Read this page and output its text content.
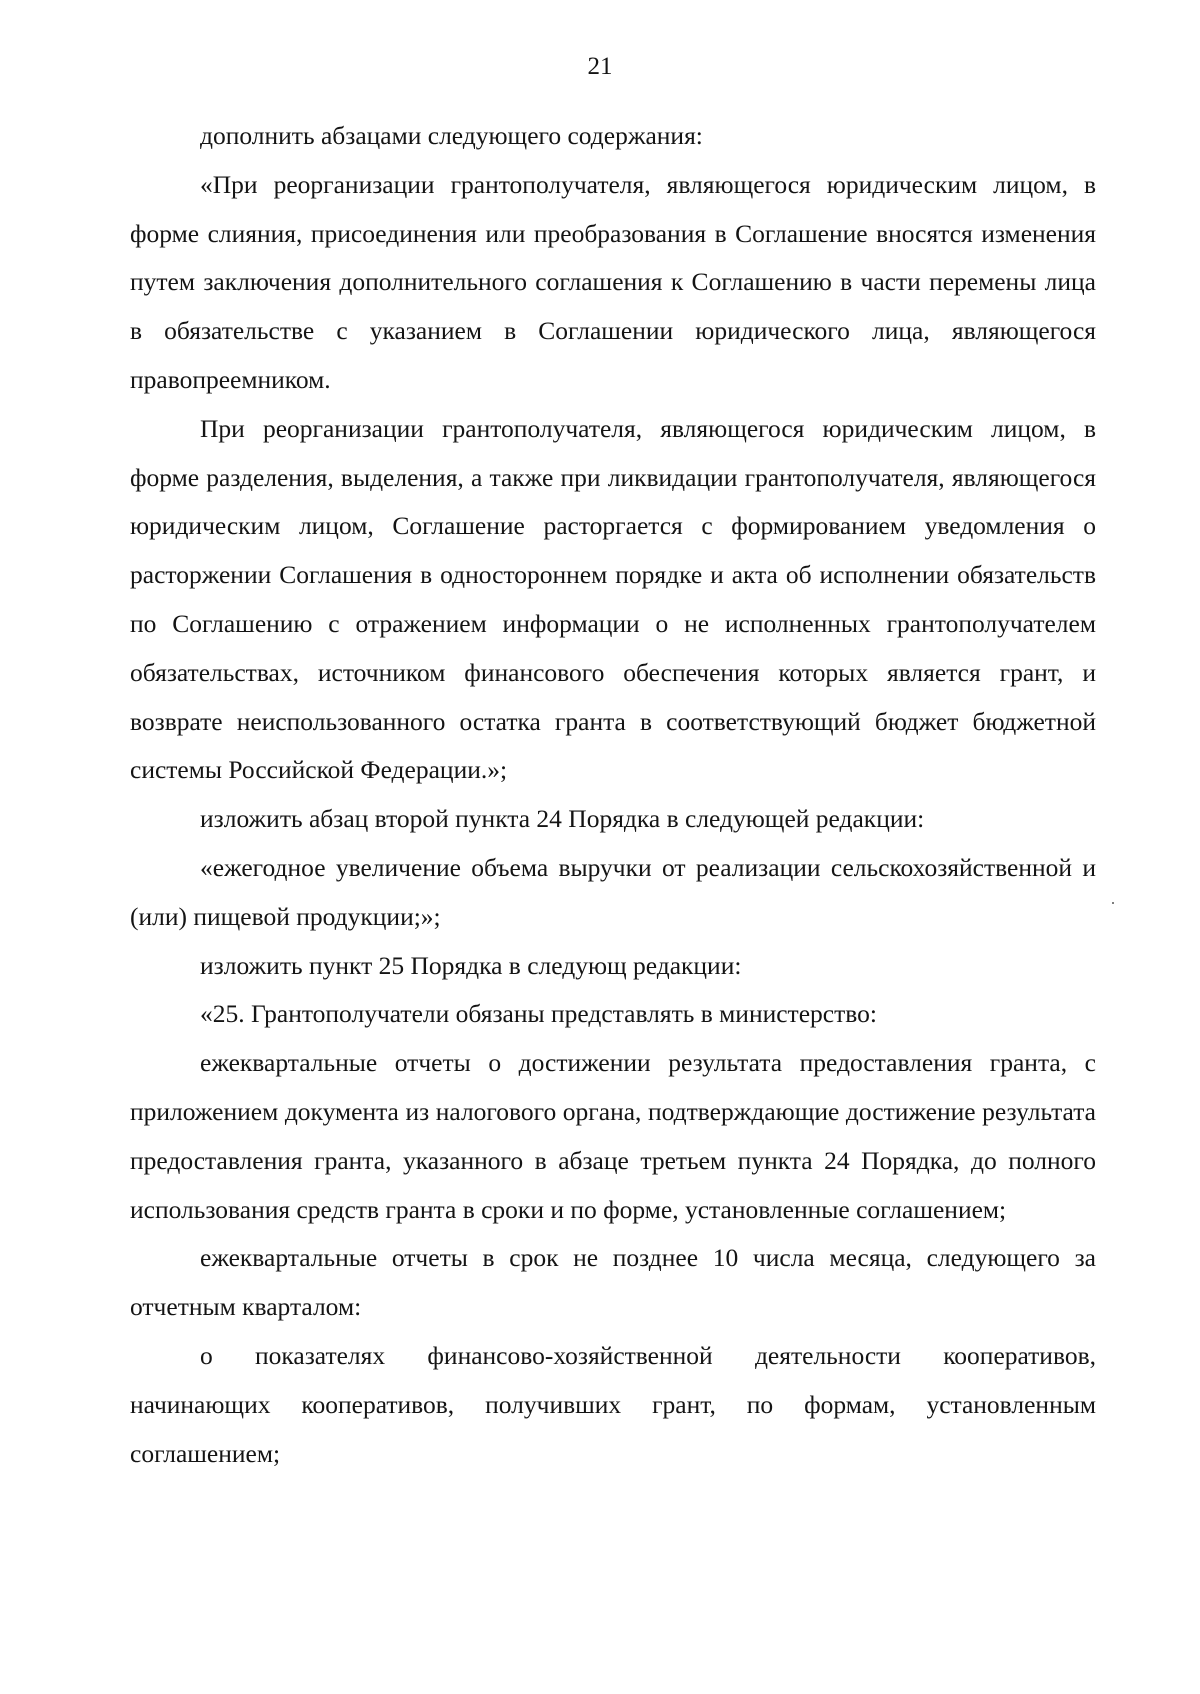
21

дополнить абзацами следующего содержания:

«При реорганизации грантополучателя, являющегося юридическим лицом, в форме слияния, присоединения или преобразования в Соглашение вносятся изменения путем заключения дополнительного соглашения к Соглашению в части перемены лица в обязательстве с указанием в Соглашении юридического лица, являющегося правопреемником.

При реорганизации грантополучателя, являющегося юридическим лицом, в форме разделения, выделения, а также при ликвидации грантополучателя, являющегося юридическим лицом, Соглашение расторгается с формированием уведомления о расторжении Соглашения в одностороннем порядке и акта об исполнении обязательств по Соглашению с отражением информации о не исполненных грантополучателем обязательствах, источником финансового обеспечения которых является грант, и возврате неиспользованного остатка гранта в соответствующий бюджет бюджетной системы Российской Федерации.»;

изложить абзац второй пункта 24 Порядка в следующей редакции:

«ежегодное увеличение объема выручки от реализации сельскохозяйственной и (или) пищевой продукции;»;

изложить пункт 25 Порядка в следующ редакции:

«25. Грантополучатели обязаны представлять в министерство:

ежеквартальные отчеты о достижении результата предоставления гранта, с приложением документа из налогового органа, подтверждающие достижение результата предоставления гранта, указанного в абзаце третьем пункта 24 Порядка, до полного использования средств гранта в сроки и по форме, установленные соглашением;

ежеквартальные отчеты в срок не позднее 10 числа месяца, следующего за отчетным кварталом:

о показателях финансово-хозяйственной деятельности кооперативов, начинающих кооперативов, получивших грант, по формам, установленным соглашением;
